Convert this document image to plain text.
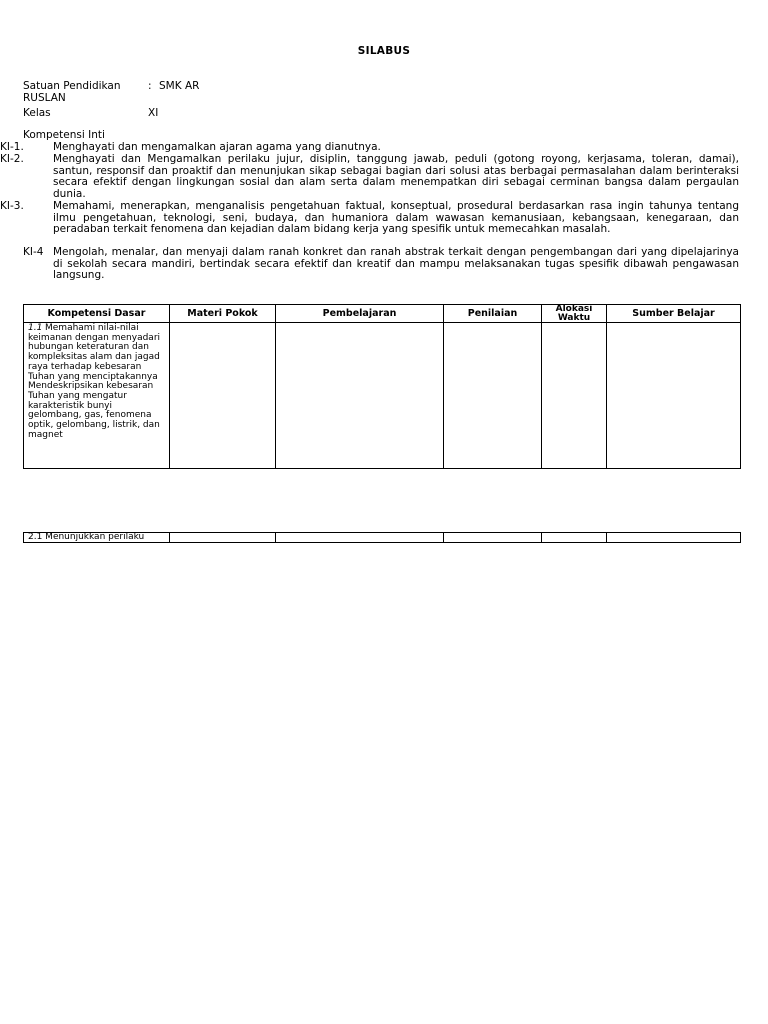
SILABUS
Satuan Pendidikan	: SMK AR
RUSLAN
Kelas	XI
Kompetensi Inti
KI-1.	Menghayati dan mengamalkan ajaran agama yang dianutnya.
KI-2.	Menghayati dan Mengamalkan perilaku jujur, disiplin, tanggung jawab, peduli (gotong royong, kerjasama, toleran, damai), santun, responsif dan proaktif dan menunjukan sikap sebagai bagian dari solusi atas berbagai permasalahan dalam berinteraksi secara efektif dengan lingkungan sosial dan alam serta dalam menempatkan diri sebagai cerminan bangsa dalam pergaulan dunia.
KI-3.	Memahami, menerapkan, menganalisis pengetahuan faktual, konseptual, prosedural berdasarkan rasa ingin tahunya tentang ilmu pengetahuan, teknologi, seni, budaya, dan humaniora dalam wawasan kemanusiaan, kebangsaan, kenegaraan, dan peradaban terkait fenomena dan kejadian dalam bidang kerja yang spesifik untuk memecahkan masalah.
KI-4 Mengolah, menalar, dan menyaji dalam ranah konkret dan ranah abstrak terkait dengan pengembangan dari yang dipelajarinya di sekolah secara mandiri, bertindak secara efektif dan kreatif dan mampu melaksanakan tugas spesifik dibawah pengawasan langsung.
Kompetensi Dasar	Materi Pokok	Pembelajaran	Penilaian	Alokasi Waktu	Sumber Belajar

1.1 Memahami nilai-nilai keimanan dengan menyadari hubungan keteraturan dan kompleksitas alam dan jagad raya terhadap kebesaran Tuhan yang menciptakannya Mendeskripsikan kebesaran Tuhan yang mengatur karakteristik bunyi gelombang, gas, fenomena optik, gelombang, listrik, dan magnet					

2.1 Menunjukkan perilaku					
